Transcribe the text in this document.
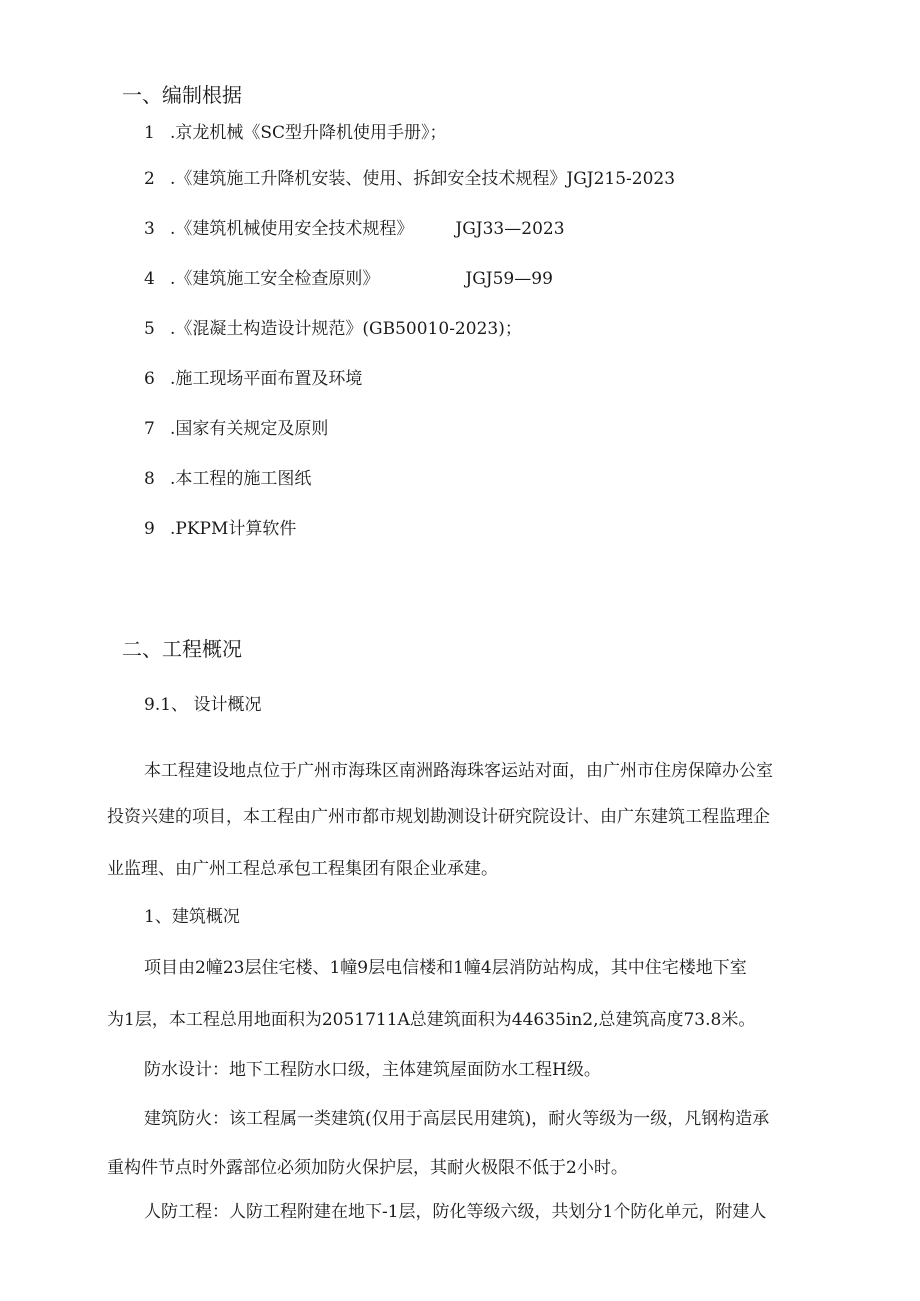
一、编制根据
1 .京龙机械《SC型升降机使用手册》；
2 .《建筑施工升降机安装、使用、拆卸安全技术规程》JGJ215-2023
3 .《建筑机械使用安全技术规程》 JGJ33—2023
4 .《建筑施工安全检查原则》	JGJ59—99
5 .《混凝土构造设计规范》(GB50010-2023)；
6 .施工现场平面布置及环境
7 .国家有关规定及原则
8 .本工程的施工图纸
9 .PKPM计算软件
二、工程概况
9.1、 设计概况
本工程建设地点位于广州市海珠区南洲路海珠客运站对面，由广州市住房保障办公室
投资兴建的项目，本工程由广州市都市规划勘测设计研究院设计、由广东建筑工程监理企
业监理、由广州工程总承包工程集团有限企业承建。
1、建筑概况
项目由2幢23层住宅楼、1幢9层电信楼和1幢4层消防站构成，其中住宅楼地下室
为1层，本工程总用地面积为2051711A总建筑面积为44635in2,总建筑高度73.8米。
防水设计：地下工程防水口级，主体建筑屋面防水工程H级。
建筑防火：该工程属一类建筑(仅用于高层民用建筑)，耐火等级为一级，凡钢构造承
重构件节点时外露部位必须加防火保护层，其耐火极限不低于2小时。
人防工程：人防工程附建在地下-1层，防化等级六级，共划分1个防化单元，附建人
